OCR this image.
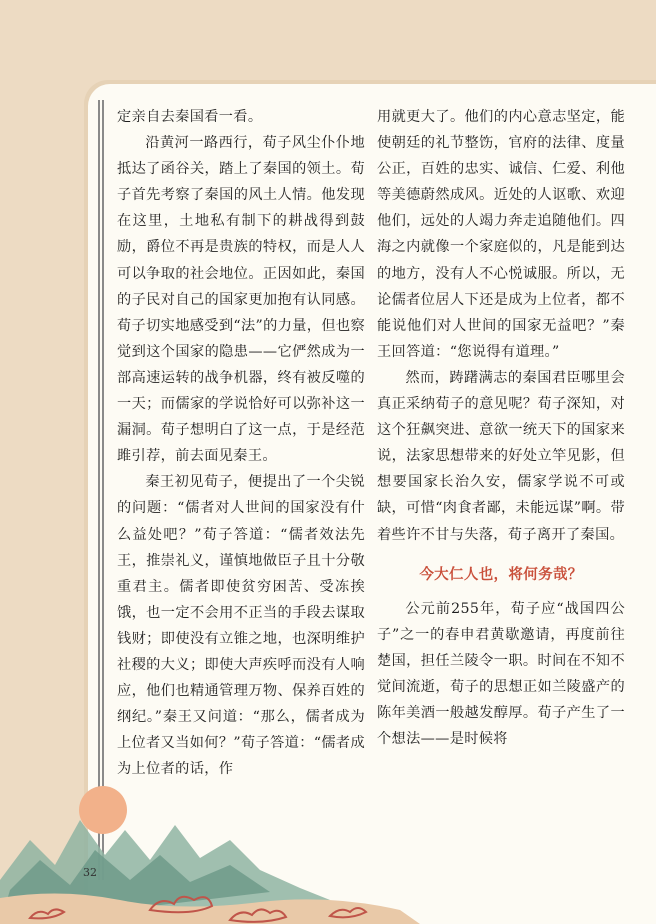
定亲自去秦国看一看。

沿黄河一路西行，荀子风尘仆仆地抵达了函谷关，踏上了秦国的领土。荀子首先考察了秦国的风土人情。他发现在这里，土地私有制下的耕战得到鼓励，爵位不再是贵族的特权，而是人人可以争取的社会地位。正因如此，秦国的子民对自己的国家更加抱有认同感。荀子切实地感受到“法”的力量，但也察觉到这个国家的隐患——它俨然成为一部高速运转的战争机器，终有被反噬的一天；而儒家的学说恰好可以弥补这一漏洞。荀子想明白了这一点，于是经范雎引荐，前去面见秦王。

秦王初见荀子，便提出了一个尖锐的问题：“儒者对人世间的国家没有什么益处吧？”荀子答道：“儒者效法先王，推崇礼义，谨慎地做臣子且十分敬重君主。儒者即使贫穷困苦、受冻挨饿，也一定不会用不正当的手段去谋取钱财；即使没有立锥之地，也深明维护社稷的大义；即使大声疾呼而没有人响应，他们也精通管理万物、保养百姓的纲纪。”秦王又问道：“那么，儒者成为上位者又当如何？”荀子答道：“儒者成为上位者的话，作

用就更大了。他们的内心意志坚定，能使朝廷的礼节整饬，官府的法律、度量公正，百姓的忠实、诚信、仁爱、利他等美德蔚然成风。近处的人讴歌、欢迎他们，远处的人竭力奔走追随他们。四海之内就像一个家庭似的，凡是能到达的地方，没有人不心悦诚服。所以，无论儒者位居人下还是成为上位者，都不能说他们对人世间的国家无益吧？”秦王回答道：“您说得有道理。”

然而，踌躇满志的秦国君臣哪里会真正采纳荀子的意见呢？荀子深知，对这个狂飙突进、意欲一统天下的国家来说，法家思想带来的好处立竿见影，但想要国家长治久安，儒家学说不可或缺，可惜“肉食者鄙，未能远谋”啊。带着些许不甘与失落，荀子离开了秦国。

今大仁人也，将何务哉？

公元前255年，荀子应“战国四公子”之一的春申君黄歇邀请，再度前往楚国，担任兰陵令一职。时间在不知不觉间流逝，荀子的思想正如兰陵盛产的陈年美酒一般越发醇厚。荀子产生了一个想法——是时候将

32
